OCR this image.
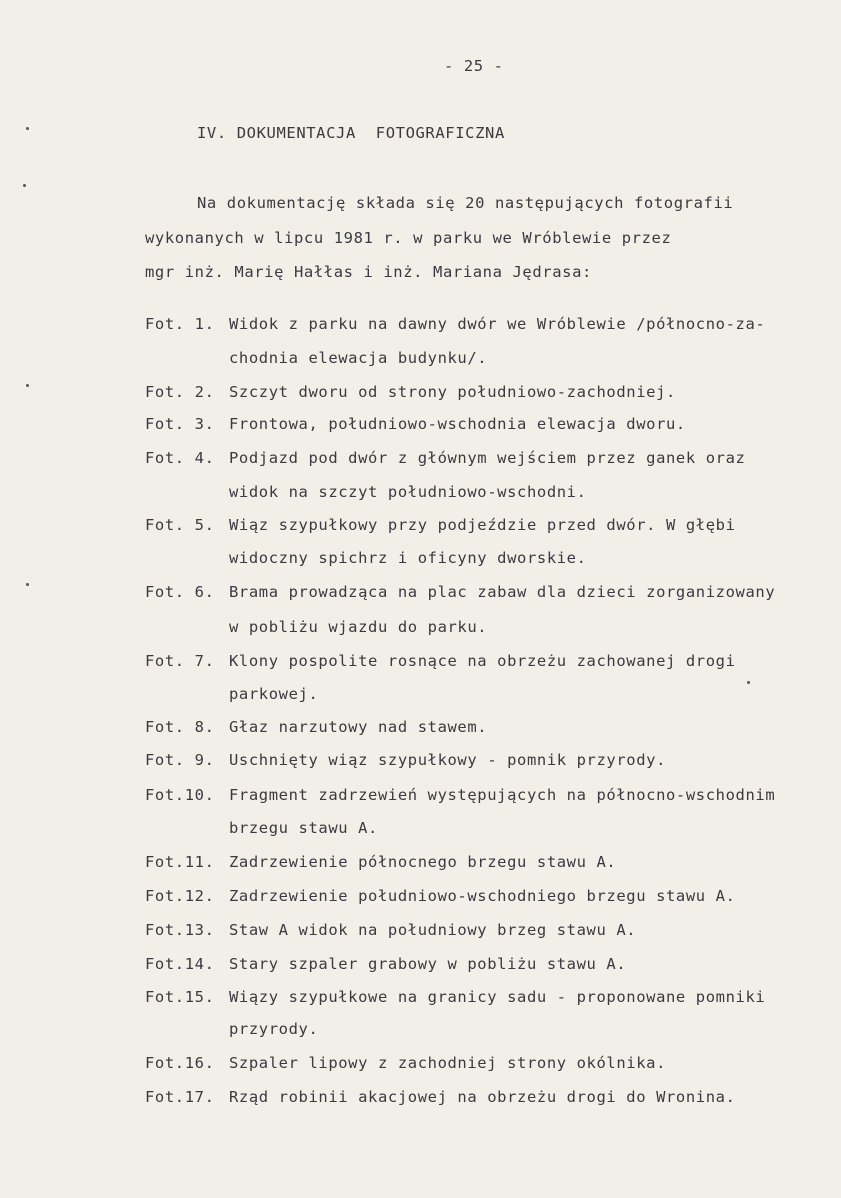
- 25 -
IV. DOKUMENTACJA  FOTOGRAFICZNA
Na dokumentację składa się 20 następujących fotografii
wykonanych w lipcu 1981 r. w parku we Wróblewie przez
mgr inż. Marię Hałłas i inż. Mariana Jędrasa:
Fot. 1. Widok z parku na dawny dwór we Wróblewie /północno-za-
chodnia elewacja budynku/.
Fot. 2. Szczyt dworu od strony południowo-zachodniej.
Fot. 3. Frontowa, południowo-wschodnia elewacja dworu.
Fot. 4. Podjazd pod dwór z głównym wejściem przez ganek oraz
widok na szczyt południowo-wschodni.
Fot. 5. Wiąz szypułkowy przy podjeździe przed dwór. W głębi
widoczny spichrz i oficyny dworskie.
Fot. 6. Brama prowadząca na plac zabaw dla dzieci zorganizowany
w pobliżu wjazdu do parku.
Fot. 7. Klony pospolite rosnące na obrzeżu zachowanej drogi
parkowej.
Fot. 8. Głaz narzutowy nad stawem.
Fot. 9. Uschnięty wiąz szypułkowy - pomnik przyrody.
Fot.10. Fragment zadrzewień występujących na północno-wschodnim
brzegu stawu A.
Fot.11. Zadrzewienie północnego brzegu stawu A.
Fot.12. Zadrzewienie południowo-wschodniego brzegu stawu A.
Fot.13. Staw A widok na południowy brzeg stawu A.
Fot.14. Stary szpaler grabowy w pobliżu stawu A.
Fot.15. Wiązy szypułkowe na granicy sadu - proponowane pomniki
przyrody.
Fot.16. Szpaler lipowy z zachodniej strony okólnika.
Fot.17. Rząd robinii akacjowej na obrzeżu drogi do Wronina.
